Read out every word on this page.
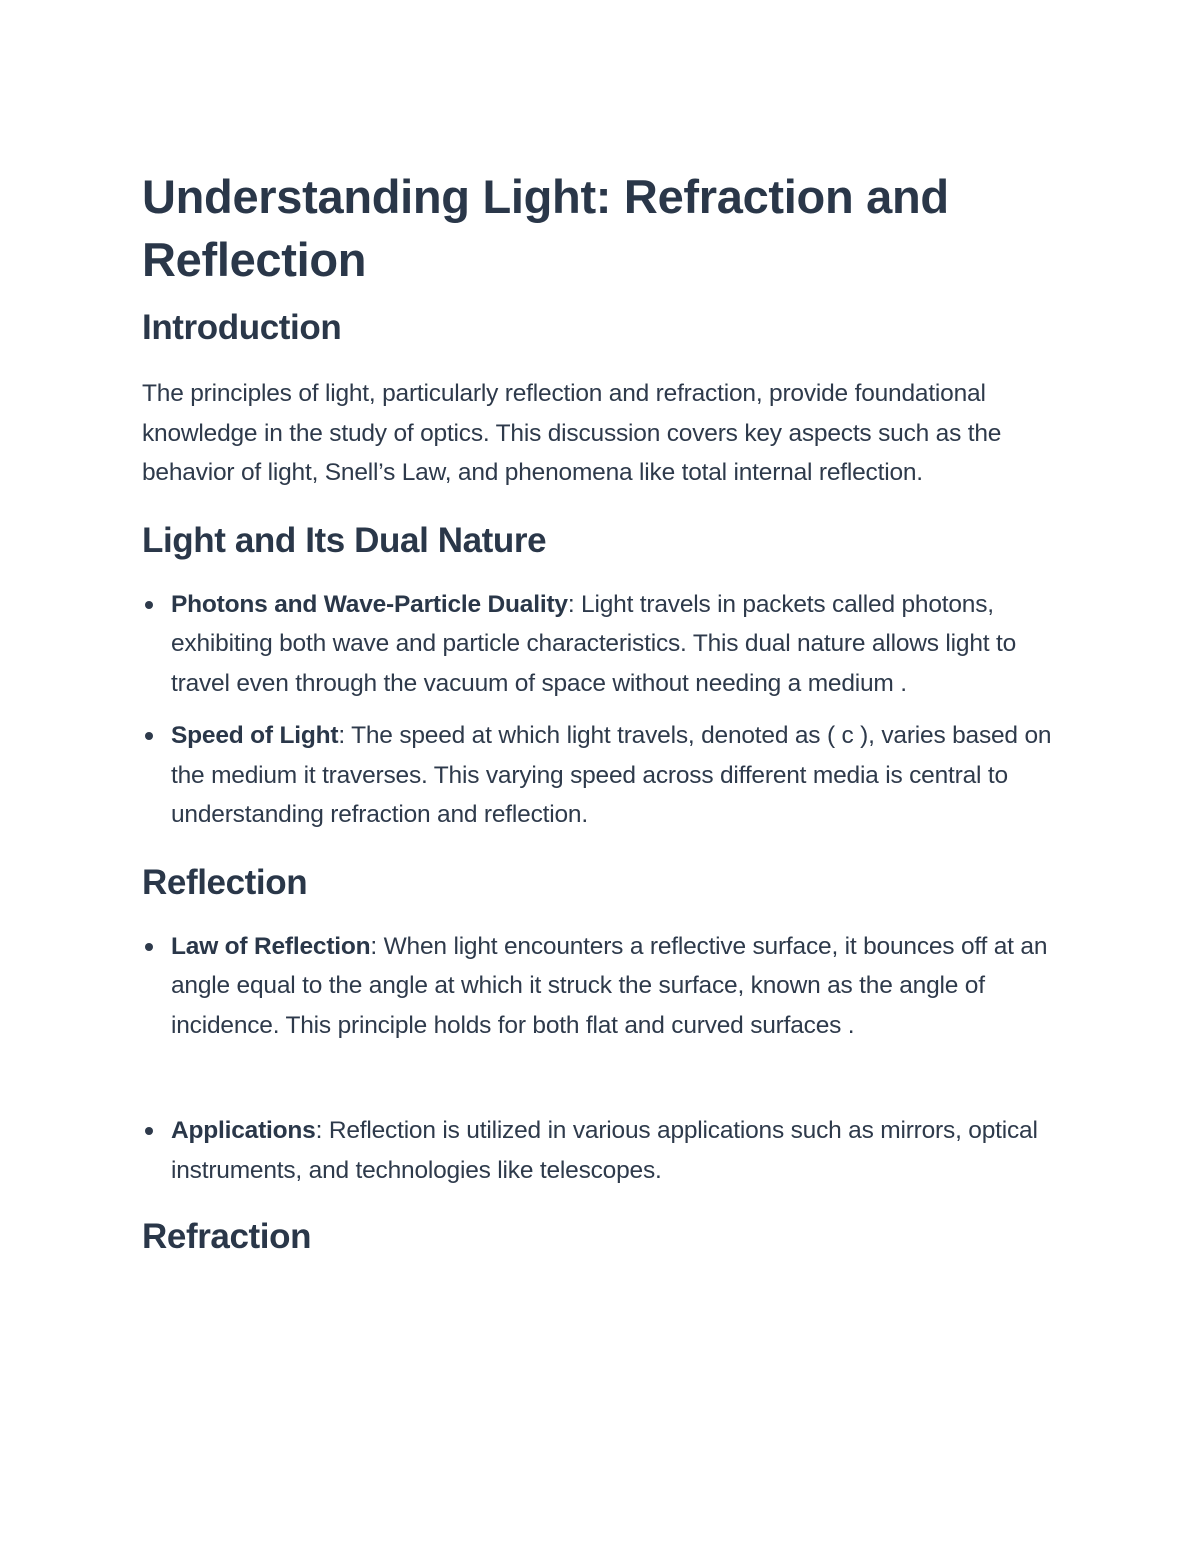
Understanding Light: Refraction and Reflection
Introduction

The principles of light, particularly reflection and refraction, provide foundational knowledge in the study of optics. This discussion covers key aspects such as the behavior of light, Snell’s Law, and phenomena like total internal reflection.

Light and Its Dual Nature
Photons and Wave-Particle Duality: Light travels in packets called photons, exhibiting both wave and particle characteristics. This dual nature allows light to travel even through the vacuum of space without needing a medium .
Speed of Light: The speed at which light travels, denoted as ( c ), varies based on the medium it traverses. This varying speed across different media is central to understanding refraction and reflection.
Reflection
Law of Reflection: When light encounters a reflective surface, it bounces off at an angle equal to the angle at which it struck the surface, known as the angle of incidence. This principle holds for both flat and curved surfaces .
Applications: Reflection is utilized in various applications such as mirrors, optical instruments, and technologies like telescopes.
Refraction
